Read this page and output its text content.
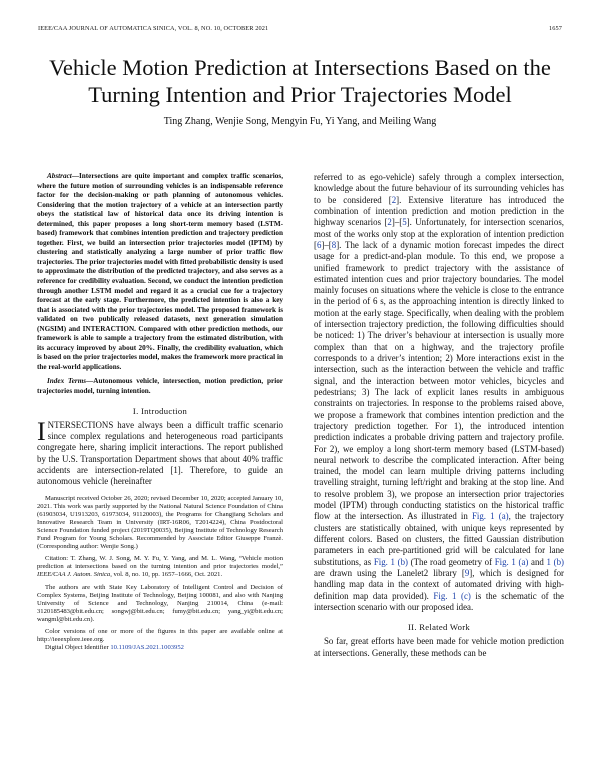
IEEE/CAA JOURNAL OF AUTOMATICA SINICA, VOL. 8, NO. 10, OCTOBER 2021	1657
Vehicle Motion Prediction at Intersections Based on the Turning Intention and Prior Trajectories Model
Ting Zhang, Wenjie Song, Mengyin Fu, Yi Yang, and Meiling Wang

Abstract—Intersections are quite important and complex traffic scenarios, where the future motion of surrounding vehicles is an indispensable reference factor for the decision-making or path planning of autonomous vehicles. Considering that the motion trajectory of a vehicle at an intersection partly obeys the statistical law of historical data once its driving intention is determined, this paper proposes a long short-term memory based (LSTM-based) framework that combines intention prediction and trajectory prediction together. First, we build an intersection prior trajectories model (IPTM) by clustering and statistically analyzing a large number of prior traffic flow trajectories. The prior trajectories model with fitted probabilistic density is used to approximate the distribution of the predicted trajectory, and also serves as a reference for credibility evaluation. Second, we conduct the intention prediction through another LSTM model and regard it as a crucial cue for a trajectory forecast at the early stage. Furthermore, the predicted intention is also a key that is associated with the prior trajectories model. The proposed framework is validated on two publically released datasets, next generation simulation (NGSIM) and INTERACTION. Compared with other prediction methods, our framework is able to sample a trajectory from the estimated distribution, with its accuracy improved by about 20%. Finally, the credibility evaluation, which is based on the prior trajectories model, makes the framework more practical in the real-world applications.

Index Terms—Autonomous vehicle, intersection, motion prediction, prior trajectories model, turning intention.

I. Introduction

INTERSECTIONS have always been a difficult traffic scenario since complex regulations and heterogeneous road participants congregate here, sharing implicit interactions. The report published by the U.S. Transportation Department shows that about 40% traffic accidents are intersection-related [1]. Therefore, to guide an autonomous vehicle (hereinafter

Manuscript received October 26, 2020; revised December 10, 2020; accepted January 10, 2021. This work was partly supported by the National Natural Science Foundation of China (61903034, U1913203, 61973034, 91120003), the Programs for Changjiang Scholars and Innovative Research Team in University (IRT-16R06, T2014224), China Postdoctoral Science Foundation funded project (2019TQ0035), Beijing Institute of Technology Research Fund Program for Young Scholars. Recommended by Associate Editor Giuseppe Franzè. (Corresponding author: Wenjie Song.)

Citation: T. Zhang, W. J. Song, M. Y. Fu, Y. Yang, and M. L. Wang, “Vehicle motion prediction at intersections based on the turning intention and prior trajectories model,” IEEE/CAA J. Autom. Sinica, vol. 8, no. 10, pp. 1657–1666, Oct. 2021.

The authors are with State Key Laboratory of Intelligent Control and Decision of Complex Systems, Beijing Institute of Technology, Beijing 100081, and also with Nanjing University of Science and Technology, Nanjing 210014, China (e-mail: 3120185483@bit.edu.cn; songwj@bit.edu.cn; fumy@bit.edu.cn; yang_yi@bit.edu.cn; wangml@bit.edu.cn).

Color versions of one or more of the figures in this paper are available online at http://ieeexplore.ieee.org.

Digital Object Identifier 10.1109/JAS.2021.1003952

referred to as ego-vehicle) safely through a complex intersection, knowledge about the future behaviour of its surrounding vehicles has to be considered [2]. Extensive literature has introduced the combination of intention prediction and motion prediction in the highway scenarios [2]–[5]. Unfortunately, for intersection scenarios, most of the works only stop at the exploration of intention prediction [6]–[8]. The lack of a dynamic motion forecast impedes the direct usage for a predict-and-plan module. To this end, we propose a unified framework to predict trajectory with the assistance of estimated intention cues and prior trajectory boundaries. The model mainly focuses on situations where the vehicle is close to the entrance in the period of 6 s, as the approaching intention is directly linked to motion at the early stage. Specifically, when dealing with the problem of intersection trajectory prediction, the following difficulties should be noticed: 1) The driver’s behaviour at intersection is usually more complex than that on a highway, and the trajectory profile corresponds to a driver’s intention; 2) More interactions exist in the intersection, such as the interaction between the vehicle and traffic signal, and the interaction between motor vehicles, bicycles and pedestrians; 3) The lack of explicit lanes results in ambiguous constraints on trajectories. In response to the problems raised above, we propose a framework that combines intention prediction and the trajectory prediction together. For 1), the introduced intention prediction indicates a probable driving pattern and trajectory profile. For 2), we employ a long short-term memory based (LSTM-based) neural network to describe the complicated interaction. After being trained, the model can learn multiple driving patterns including travelling straight, turning left/right and braking at the stop line. And to resolve problem 3), we propose an intersection prior trajectories model (IPTM) through conducting statistics on the historical traffic flow at the intersection. As illustrated in Fig. 1 (a), the trajectory clusters are statistically obtained, with unique keys represented by different colors. Based on clusters, the fitted Gaussian distribution parameters in each pre-partitioned grid will be calculated for lane substitutions, as Fig. 1 (b) (The road geometry of Fig. 1 (a) and 1 (b) are drawn using the Lanelet2 library [9], which is designed for handling map data in the context of automated driving with high-definition map data provided). Fig. 1 (c) is the schematic of the intersection scenario with our proposed idea.

II. Related Work

So far, great efforts have been made for vehicle motion prediction at intersections. Generally, these methods can be
